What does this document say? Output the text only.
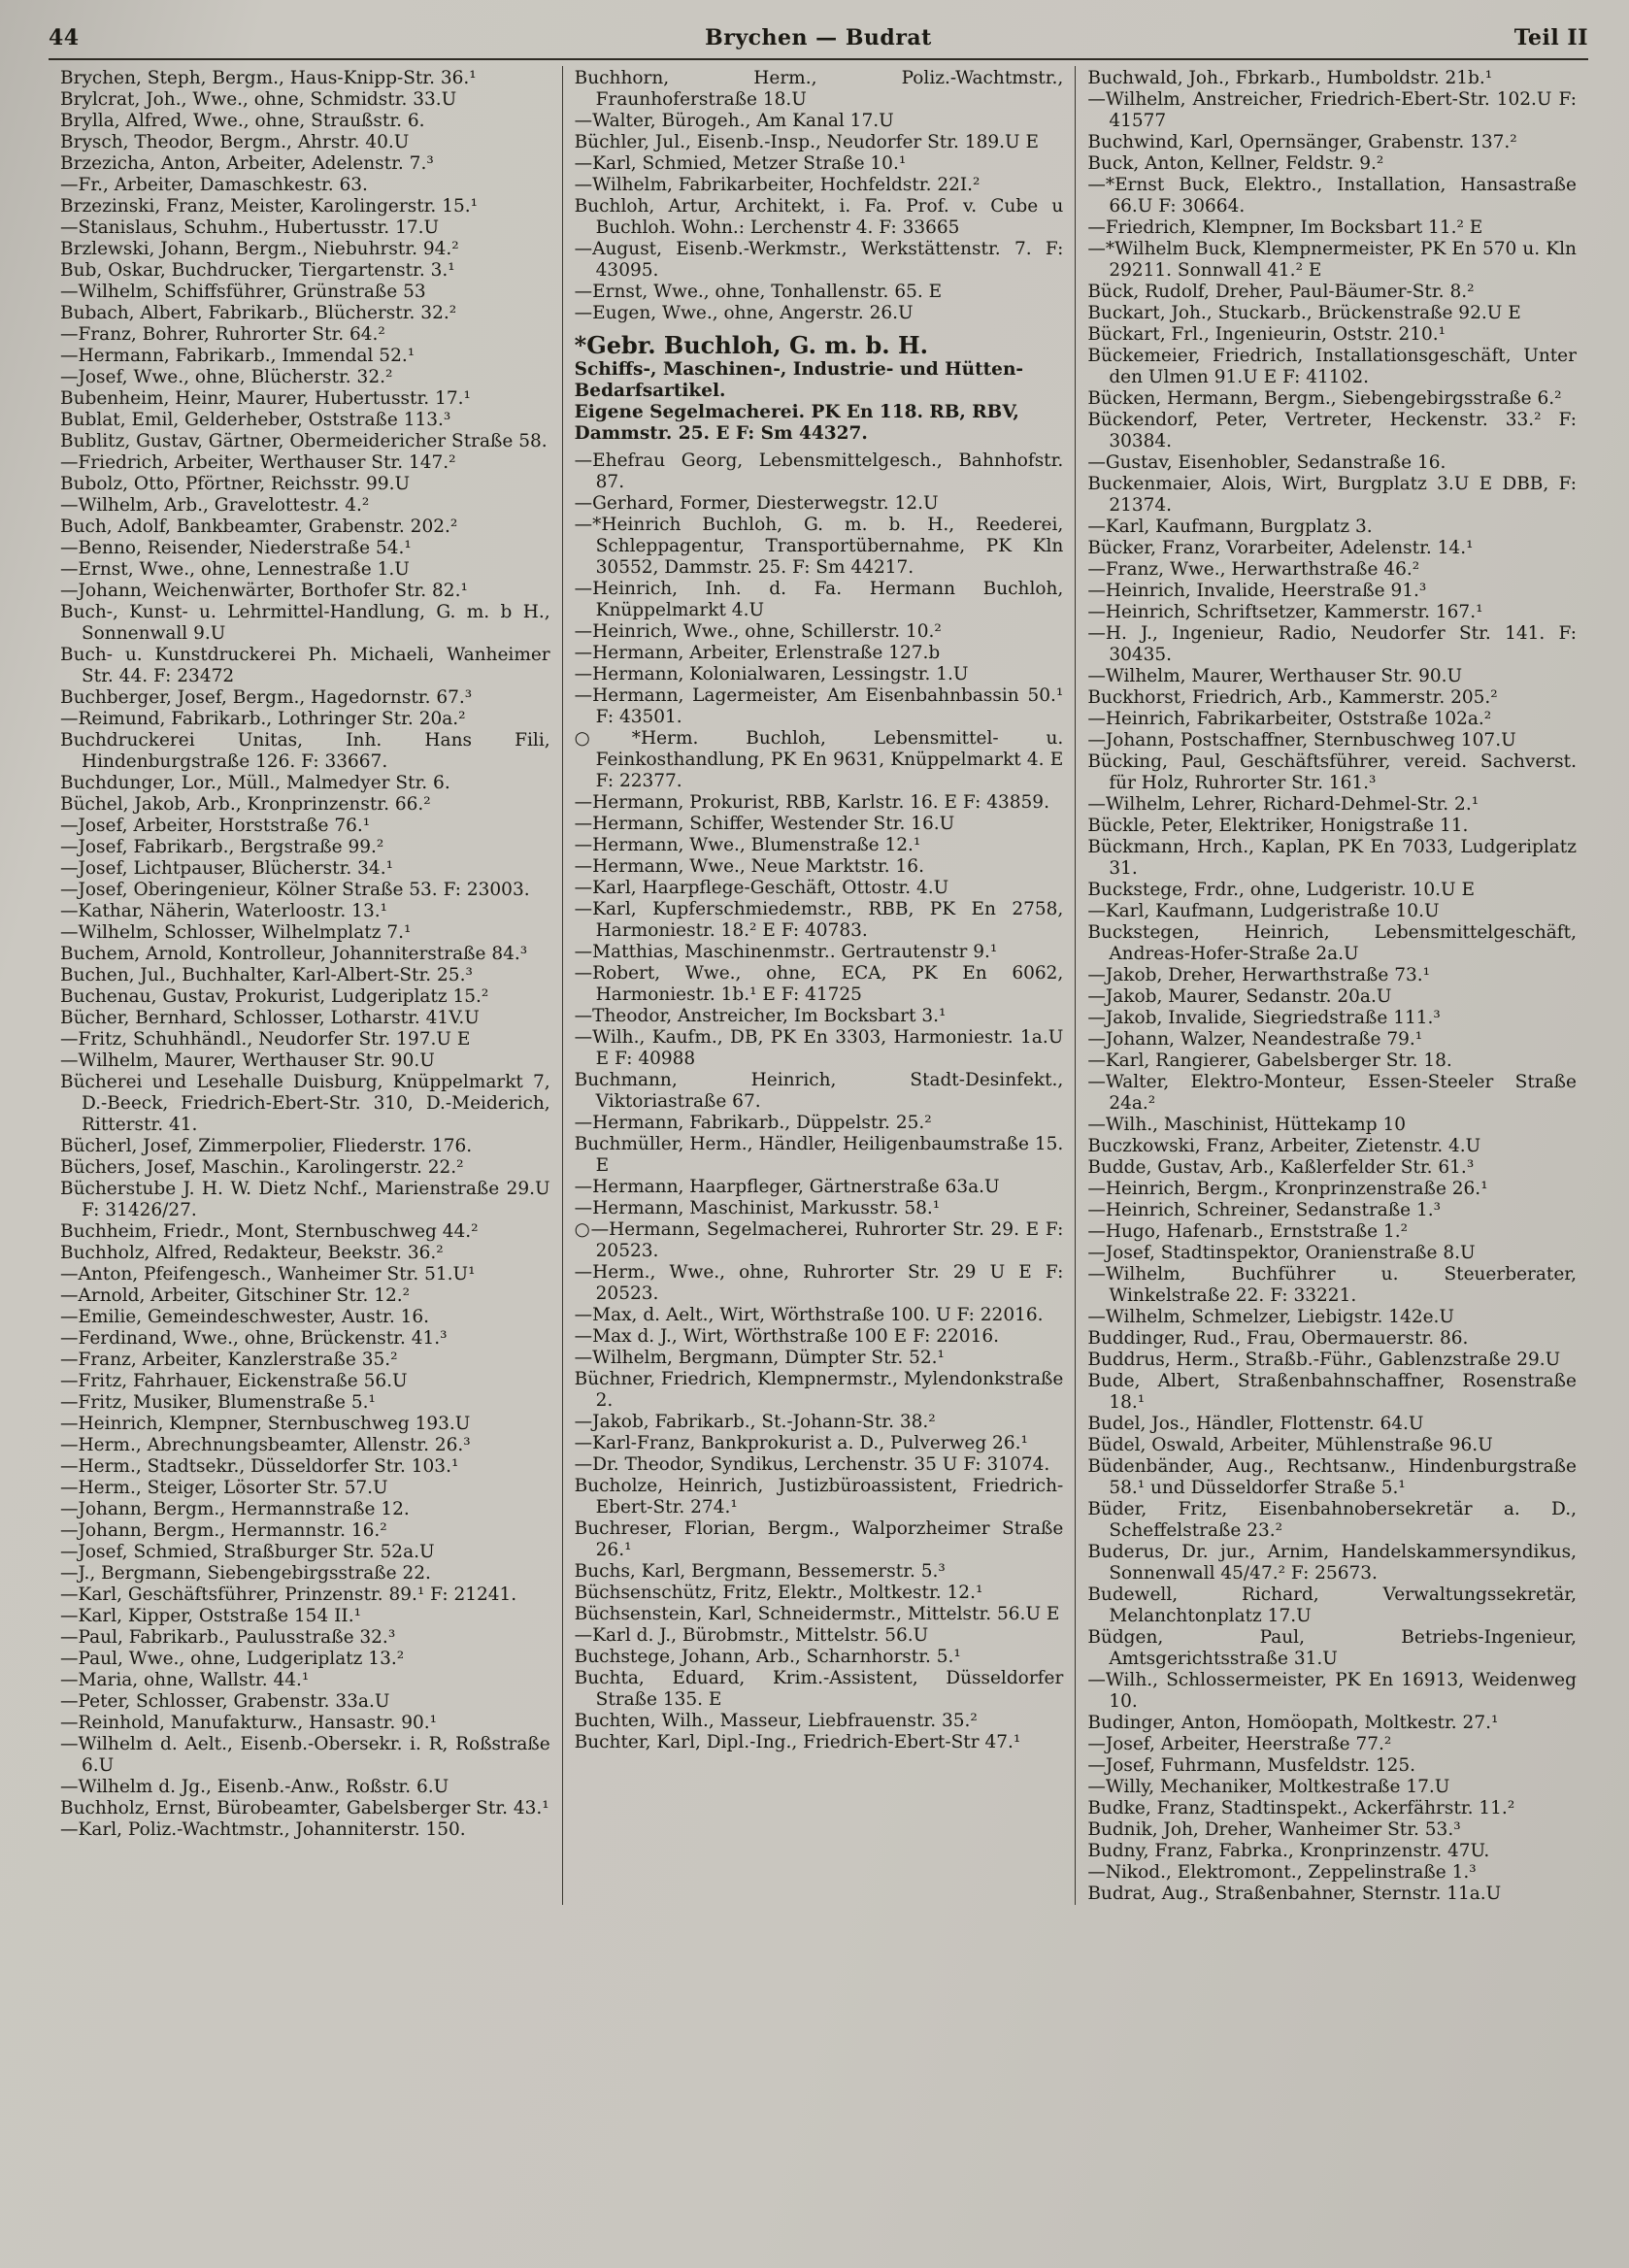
44	Brychen — Budrat	Teil II

Brychen, Steph, Bergm., Haus-Knipp-Str. 36.¹

Brylcrat, Joh., Wwe., ohne, Schmidstr. 33.U

Brylla, Alfred, Wwe., ohne, Straußstr. 6.

Brysch, Theodor, Bergm., Ahrstr. 40.U

Brzezicha, Anton, Arbeiter, Adelenstr. 7.³

—Fr., Arbeiter, Damaschkestr. 63.

Brzezinski, Franz, Meister, Karolingerstr. 15.¹

—Stanislaus, Schuhm., Hubertusstr. 17.U

Brzlewski, Johann, Bergm., Niebuhrstr. 94.²

Bub, Oskar, Buchdrucker, Tiergartenstr. 3.¹

—Wilhelm, Schiffsführer, Grünstraße 53

Bubach, Albert, Fabrikarb., Blücherstr. 32.²

—Franz, Bohrer, Ruhrorter Str. 64.²

—Hermann, Fabrikarb., Immendal 52.¹

—Josef, Wwe., ohne, Blücherstr. 32.²

Bubenheim, Heinr, Maurer, Hubertusstr. 17.¹

Bublat, Emil, Gelderheber, Oststraße 113.³

Bublitz, Gustav, Gärtner, Obermeidericher Straße 58.

—Friedrich, Arbeiter, Werthauser Str. 147.²

Bubolz, Otto, Pförtner, Reichsstr. 99.U

—Wilhelm, Arb., Gravelottestr. 4.²

Buch, Adolf, Bankbeamter, Grabenstr. 202.²

—Benno, Reisender, Niederstraße 54.¹

—Ernst, Wwe., ohne, Lennestraße 1.U

—Johann, Weichenwärter, Borthofer Str. 82.¹

Buch-, Kunst- u. Lehrmittel-Handlung, G. m. b H., Sonnenwall 9.U

Buch- u. Kunstdruckerei Ph. Michaeli, Wanheimer Str. 44. F: 23472

Buchberger, Josef, Bergm., Hagedornstr. 67.³

—Reimund, Fabrikarb., Lothringer Str. 20a.²

Buchdruckerei Unitas, Inh. Hans Fili, Hindenburgstraße 126. F: 33667.

Buchdunger, Lor., Müll., Malmedyer Str. 6.

Büchel, Jakob, Arb., Kronprinzenstr. 66.²

—Josef, Arbeiter, Horststraße 76.¹

—Josef, Fabrikarb., Bergstraße 99.²

—Josef, Lichtpauser, Blücherstr. 34.¹

—Josef, Oberingenieur, Kölner Straße 53. F: 23003.

—Kathar, Näherin, Waterloostr. 13.¹

—Wilhelm, Schlosser, Wilhelmplatz 7.¹

Buchem, Arnold, Kontrolleur, Johanniterstraße 84.³

Buchen, Jul., Buchhalter, Karl-Albert-Str. 25.³

Buchenau, Gustav, Prokurist, Ludgeriplatz 15.²

Bücher, Bernhard, Schlosser, Lotharstr. 41V.U

—Fritz, Schuhhändl., Neudorfer Str. 197.U E

—Wilhelm, Maurer, Werthauser Str. 90.U

Bücherei und Lesehalle Duisburg, Knüppelmarkt 7, D.-Beeck, Friedrich-Ebert-Str. 310, D.-Meiderich, Ritterstr. 41.

Bücherl, Josef, Zimmerpolier, Fliederstr. 176.

Büchers, Josef, Maschin., Karolingerstr. 22.²

Bücherstube J. H. W. Dietz Nchf., Marienstraße 29.U F: 31426/27.

Buchheim, Friedr., Mont, Sternbuschweg 44.²

Buchholz, Alfred, Redakteur, Beekstr. 36.²

—Anton, Pfeifengesch., Wanheimer Str. 51.U¹

—Arnold, Arbeiter, Gitschiner Str. 12.²

—Emilie, Gemeindeschwester, Austr. 16.

—Ferdinand, Wwe., ohne, Brückenstr. 41.³

—Franz, Arbeiter, Kanzlerstraße 35.²

—Fritz, Fahrhauer, Eickenstraße 56.U

—Fritz, Musiker, Blumenstraße 5.¹

—Heinrich, Klempner, Sternbuschweg 193.U

—Herm., Abrechnungsbeamter, Allenstr. 26.³

—Herm., Stadtsekr., Düsseldorfer Str. 103.¹

—Herm., Steiger, Lösorter Str. 57.U

—Johann, Bergm., Hermannstraße 12.

—Johann, Bergm., Hermannstr. 16.²

—Josef, Schmied, Straßburger Str. 52a.U

—J., Bergmann, Siebengebirgsstraße 22.

—Karl, Geschäftsführer, Prinzenstr. 89.¹ F: 21241.

—Karl, Kipper, Oststraße 154 II.¹

—Paul, Fabrikarb., Paulusstraße 32.³

—Paul, Wwe., ohne, Ludgeriplatz 13.²

—Maria, ohne, Wallstr. 44.¹

—Peter, Schlosser, Grabenstr. 33a.U

—Reinhold, Manufakturw., Hansastr. 90.¹

—Wilhelm d. Aelt., Eisenb.-Obersekr. i. R, Roßstraße 6.U

—Wilhelm d. Jg., Eisenb.-Anw., Roßstr. 6.U

Buchholz, Ernst, Bürobeamter, Gabelsberger Str. 43.¹

—Karl, Poliz.-Wachtmstr., Johanniterstr. 150.

Buchhorn, Herm., Poliz.-Wachtmstr., Fraunhoferstraße 18.U

—Walter, Bürogeh., Am Kanal 17.U

Büchler, Jul., Eisenb.-Insp., Neudorfer Str. 189.U E

—Karl, Schmied, Metzer Straße 10.¹

—Wilhelm, Fabrikarbeiter, Hochfeldstr. 22I.²

Buchloh, Artur, Architekt, i. Fa. Prof. v. Cube u Buchloh. Wohn.: Lerchenstr 4. F: 33665

—August, Eisenb.-Werkmstr., Werkstättenstr. 7. F: 43095.

—Ernst, Wwe., ohne, Tonhallenstr. 65. E

—Eugen, Wwe., ohne, Angerstr. 26.U

*Gebr. Buchloh, G. m. b. H.

Schiffs-, Maschinen-, Industrie- und Hütten-Bedarfsartikel.

Eigene Segelmacherei. PK En 118. RB, RBV, Dammstr. 25. E F: Sm 44327.

—Ehefrau Georg, Lebensmittelgesch., Bahnhofstr. 87.

—Gerhard, Former, Diesterwegstr. 12.U

—*Heinrich Buchloh, G. m. b. H., Reederei, Schleppagentur, Transportübernahme, PK Kln 30552, Dammstr. 25. F: Sm 44217.

—Heinrich, Inh. d. Fa. Hermann Buchloh, Knüppelmarkt 4.U

—Heinrich, Wwe., ohne, Schillerstr. 10.²

—Hermann, Arbeiter, Erlenstraße 127.b

—Hermann, Kolonialwaren, Lessingstr. 1.U

—Hermann, Lagermeister, Am Eisenbahnbassin 50.¹ F: 43501.

○*Herm. Buchloh, Lebensmittel- u. Feinkosthandlung, PK En 9631, Knüppelmarkt 4. E F: 22377.

—Hermann, Prokurist, RBB, Karlstr. 16. E F: 43859.

—Hermann, Schiffer, Westender Str. 16.U

—Hermann, Wwe., Blumenstraße 12.¹

—Hermann, Wwe., Neue Marktstr. 16.

—Karl, Haarpflege-Geschäft, Ottostr. 4.U

—Karl, Kupferschmiedemstr., RBB, PK En 2758, Harmoniestr. 18.² E F: 40783.

—Matthias, Maschinenmstr.. Gertrautenstr 9.¹

—Robert, Wwe., ohne, ECA, PK En 6062, Harmoniestr. 1b.¹ E F: 41725

—Theodor, Anstreicher, Im Bocksbart 3.¹

—Wilh., Kaufm., DB, PK En 3303, Harmoniestr. 1a.U E F: 40988

Buchmann, Heinrich, Stadt-Desinfekt., Viktoriastraße 67.

—Hermann, Fabrikarb., Düppelstr. 25.²

Buchmüller, Herm., Händler, Heiligenbaumstraße 15. E

—Hermann, Haarpfleger, Gärtnerstraße 63a.U

—Hermann, Maschinist, Markusstr. 58.¹

○—Hermann, Segelmacherei, Ruhrorter Str. 29. E F: 20523.

—Herm., Wwe., ohne, Ruhrorter Str. 29 U E F: 20523.

—Max, d. Aelt., Wirt, Wörthstraße 100. U F: 22016.

—Max d. J., Wirt, Wörthstraße 100 E F: 22016.

—Wilhelm, Bergmann, Dümpter Str. 52.¹

Büchner, Friedrich, Klempnermstr., Mylendonkstraße 2.

—Jakob, Fabrikarb., St.-Johann-Str. 38.²

—Karl-Franz, Bankprokurist a. D., Pulverweg 26.¹

—Dr. Theodor, Syndikus, Lerchenstr. 35 U F: 31074.

Bucholze, Heinrich, Justizbüroassistent, Friedrich-Ebert-Str. 274.¹

Buchreser, Florian, Bergm., Walporzheimer Straße 26.¹

Buchs, Karl, Bergmann, Bessemerstr. 5.³

Büchsenschütz, Fritz, Elektr., Moltkestr. 12.¹

Büchsenstein, Karl, Schneidermstr., Mittelstr. 56.U E

—Karl d. J., Bürobmstr., Mittelstr. 56.U

Buchstege, Johann, Arb., Scharnhorstr. 5.¹

Buchta, Eduard, Krim.-Assistent, Düsseldorfer Straße 135. E

Buchten, Wilh., Masseur, Liebfrauenstr. 35.²

Buchter, Karl, Dipl.-Ing., Friedrich-Ebert-Str 47.¹

Buchwald, Joh., Fbrkarb., Humboldstr. 21b.¹

—Wilhelm, Anstreicher, Friedrich-Ebert-Str. 102.U F: 41577

Buchwind, Karl, Opernsänger, Grabenstr. 137.²

Buck, Anton, Kellner, Feldstr. 9.²

—*Ernst Buck, Elektro., Installation, Hansastraße 66.U F: 30664.

—Friedrich, Klempner, Im Bocksbart 11.² E

—*Wilhelm Buck, Klempnermeister, PK En 570 u. Kln 29211. Sonnwall 41.² E

Bück, Rudolf, Dreher, Paul-Bäumer-Str. 8.²

Buckart, Joh., Stuckarb., Brückenstraße 92.U E

Bückart, Frl., Ingenieurin, Oststr. 210.¹

Bückemeier, Friedrich, Installationsgeschäft, Unter den Ulmen 91.U E F: 41102.

Bücken, Hermann, Bergm., Siebengebirgsstraße 6.²

Bückendorf, Peter, Vertreter, Heckenstr. 33.² F: 30384.

—Gustav, Eisenhobler, Sedanstraße 16.

Buckenmaier, Alois, Wirt, Burgplatz 3.U E DBB, F: 21374.

—Karl, Kaufmann, Burgplatz 3.

Bücker, Franz, Vorarbeiter, Adelenstr. 14.¹

—Franz, Wwe., Herwarthstraße 46.²

—Heinrich, Invalide, Heerstraße 91.³

—Heinrich, Schriftsetzer, Kammerstr. 167.¹

—H. J., Ingenieur, Radio, Neudorfer Str. 141. F: 30435.

—Wilhelm, Maurer, Werthauser Str. 90.U

Buckhorst, Friedrich, Arb., Kammerstr. 205.²

—Heinrich, Fabrikarbeiter, Oststraße 102a.²

—Johann, Postschaffner, Sternbuschweg 107.U

Bücking, Paul, Geschäftsführer, vereid. Sachverst. für Holz, Ruhrorter Str. 161.³

—Wilhelm, Lehrer, Richard-Dehmel-Str. 2.¹

Bückle, Peter, Elektriker, Honigstraße 11.

Bückmann, Hrch., Kaplan, PK En 7033, Ludgeriplatz 31.

Buckstege, Frdr., ohne, Ludgeristr. 10.U E

—Karl, Kaufmann, Ludgeristraße 10.U

Buckstegen, Heinrich, Lebensmittelgeschäft, Andreas-Hofer-Straße 2a.U

—Jakob, Dreher, Herwarthstraße 73.¹

—Jakob, Maurer, Sedanstr. 20a.U

—Jakob, Invalide, Siegriedstraße 111.³

—Johann, Walzer, Neandestraße 79.¹

—Karl, Rangierer, Gabelsberger Str. 18.

—Walter, Elektro-Monteur, Essen-Steeler Straße 24a.²

—Wilh., Maschinist, Hüttekamp 10

Buczkowski, Franz, Arbeiter, Zietenstr. 4.U

Budde, Gustav, Arb., Kaßlerfelder Str. 61.³

—Heinrich, Bergm., Kronprinzenstraße 26.¹

—Heinrich, Schreiner, Sedanstraße 1.³

—Hugo, Hafenarb., Ernststraße 1.²

—Josef, Stadtinspektor, Oranienstraße 8.U

—Wilhelm, Buchführer u. Steuerberater, Winkelstraße 22. F: 33221.

—Wilhelm, Schmelzer, Liebigstr. 142e.U

Buddinger, Rud., Frau, Obermauerstr. 86.

Buddrus, Herm., Straßb.-Führ., Gablenzstraße 29.U

Bude, Albert, Straßenbahnschaffner, Rosenstraße 18.¹

Budel, Jos., Händler, Flottenstr. 64.U

Büdel, Oswald, Arbeiter, Mühlenstraße 96.U

Büdenbänder, Aug., Rechtsanw., Hindenburgstraße 58.¹ und Düsseldorfer Straße 5.¹

Büder, Fritz, Eisenbahnobersekretär a. D., Scheffelstraße 23.²

Buderus, Dr. jur., Arnim, Handelskammersyndikus, Sonnenwall 45/47.² F: 25673.

Budewell, Richard, Verwaltungssekretär, Melanchtonplatz 17.U

Büdgen, Paul, Betriebs-Ingenieur, Amtsgerichtsstraße 31.U

—Wilh., Schlossermeister, PK En 16913, Weidenweg 10.

Budinger, Anton, Homöopath, Moltkestr. 27.¹

—Josef, Arbeiter, Heerstraße 77.²

—Josef, Fuhrmann, Musfeldstr. 125.

—Willy, Mechaniker, Moltkestraße 17.U

Budke, Franz, Stadtinspekt., Ackerfährstr. 11.²

Budnik, Joh, Dreher, Wanheimer Str. 53.³

Budny, Franz, Fabrka., Kronprinzenstr. 47U.

—Nikod., Elektromont., Zeppelinstraße 1.³

Budrat, Aug., Straßenbahner, Sternstr. 11a.U
